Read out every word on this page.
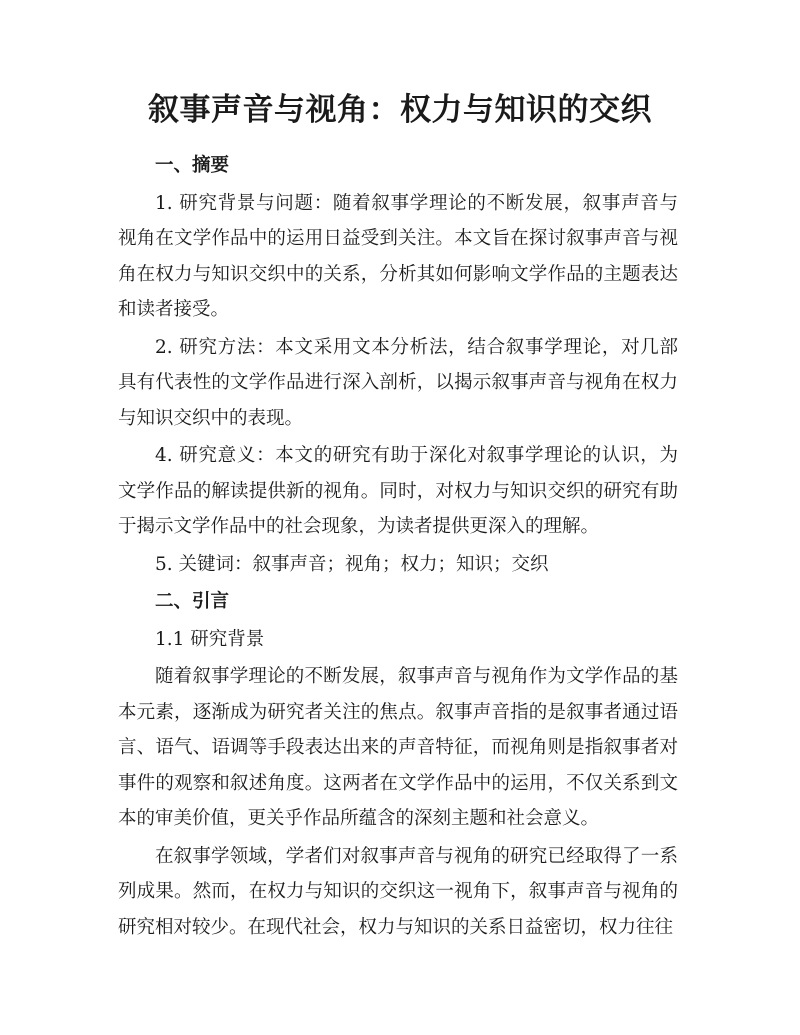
叙事声音与视角：权力与知识的交织

一、摘要

1. 研究背景与问题：随着叙事学理论的不断发展，叙事声音与视角在文学作品中的运用日益受到关注。本文旨在探讨叙事声音与视角在权力与知识交织中的关系，分析其如何影响文学作品的主题表达和读者接受。

2. 研究方法：本文采用文本分析法，结合叙事学理论，对几部具有代表性的文学作品进行深入剖析，以揭示叙事声音与视角在权力与知识交织中的表现。

4. 研究意义：本文的研究有助于深化对叙事学理论的认识，为文学作品的解读提供新的视角。同时，对权力与知识交织的研究有助于揭示文学作品中的社会现象，为读者提供更深入的理解。

5. 关键词：叙事声音；视角；权力；知识；交织

二、引言

1.1 研究背景

随着叙事学理论的不断发展，叙事声音与视角作为文学作品的基本元素，逐渐成为研究者关注的焦点。叙事声音指的是叙事者通过语言、语气、语调等手段表达出来的声音特征，而视角则是指叙事者对事件的观察和叙述角度。这两者在文学作品中的运用，不仅关系到文本的审美价值，更关乎作品所蕴含的深刻主题和社会意义。

在叙事学领域，学者们对叙事声音与视角的研究已经取得了一系列成果。然而，在权力与知识的交织这一视角下，叙事声音与视角的研究相对较少。在现代社会，权力与知识的关系日益密切，权力往往
